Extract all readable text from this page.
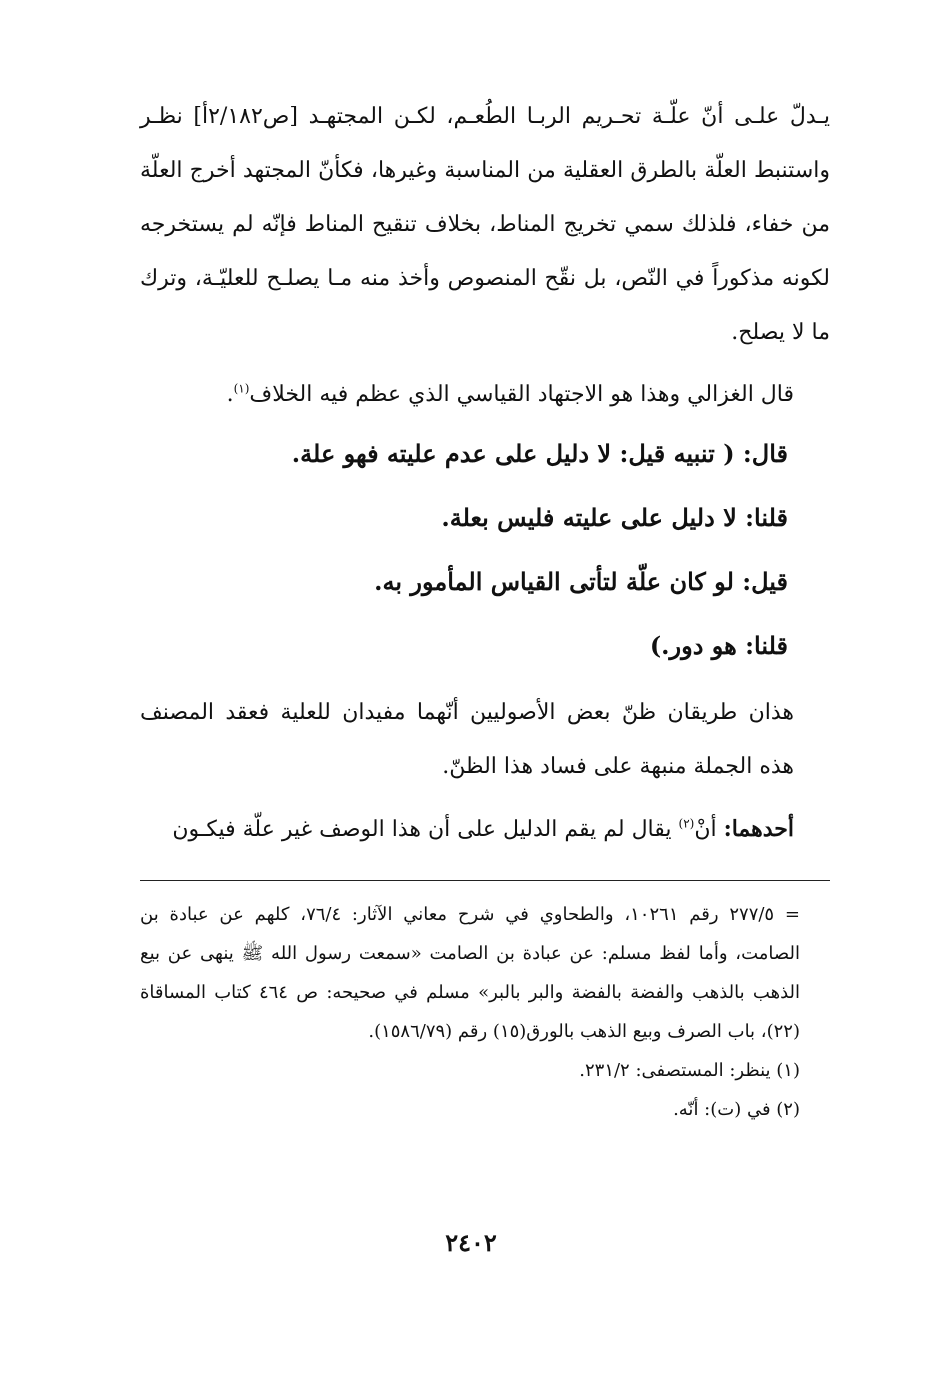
يـدلّ علـى أنّ علّـة تحـريم الربـا الطُعـم، لكـن المجتهـد [ص٢/١٨٢أ] نظـر واستنبط العلّة بالطرق العقلية من المناسبة وغيرها، فكأنّ المجتهد أخرج العلّة من خفاء، فلذلك سمي تخريج المناط، بخلاف تنقيح المناط فإنّه لم يستخرجه لكونه مذكوراً في النّص، بل نقّح المنصوص وأخذ منه مـا يصلـح للعليّـة، وترك ما لا يصلح.

قال الغزالي وهذا هو الاجتهاد القياسي الذي عظم فيه الخلاف$^{(١)}$.

قال: ( تنبيه قيل: لا دليل على عدم عليته فهو علة.

قلنا: لا دليل على عليته فليس بعلة.

قيل: لو كان علّة لتأتى القياس المأمور به.

قلنا: هو دور.)

هذان طريقان ظنّ بعض الأصوليين أنّهما مفيدان للعلية فعقد المصنف هذه الجملة منبهة على فساد هذا الظنّ.

أحدهما: أنْ$^{(٢)}$ يقال لم يقم الدليل على أن هذا الوصف غير علّة فيكـون

= ٢٧٧/٥ رقم ١٠٢٦١، والطحاوي في شرح معاني الآثار: ٧٦/٤، كلهم عن عبادة بن الصامت، وأما لفظ مسلم: عن عبادة بن الصامت «سمعت رسول الله ﷺ ينهى عن بيع الذهب بالذهب والفضة بالفضة والبر بالبر» مسلم في صحيحه: ص ٤٦٤ كتاب المساقاة (٢٢)، باب الصرف وبيع الذهب بالورق(١٥) رقم (١٥٨٦/٧٩).
(١) ينظر: المستصفى: ٢٣١/٢.
(٢) في (ت): أنّه.
٢٤٠٢
